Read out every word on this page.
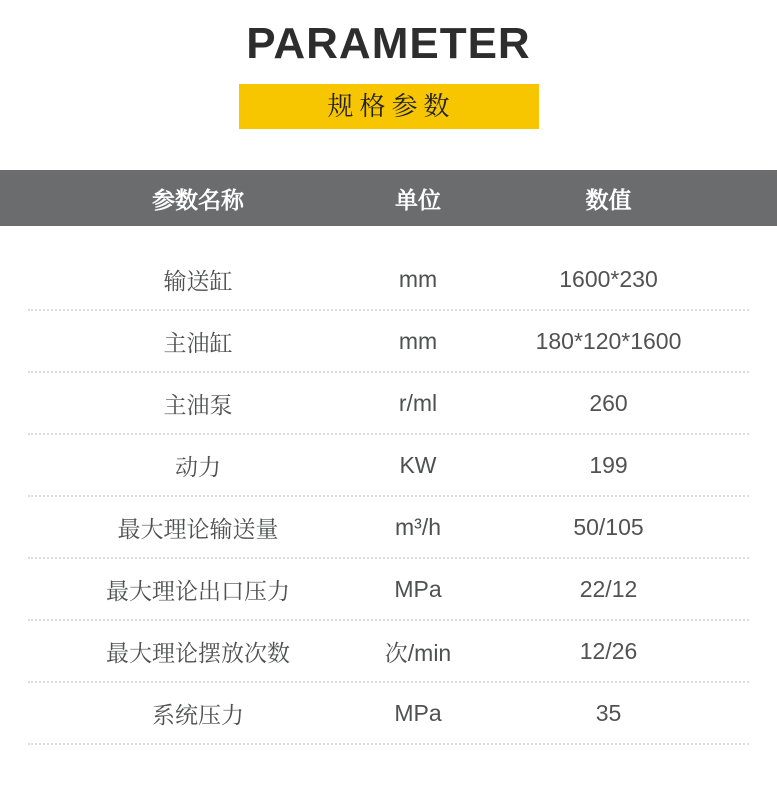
PARAMETER
规格参数
参数名称	单位	数值
输送缸	mm	1600*230
主油缸	mm	180*120*1600
主油泵	r/ml	260
动力	KW	199
最大理论输送量	m³/h	50/105
最大理论出口压力	MPa	22/12
最大理论摆放次数	次/min	12/26
系统压力	MPa	35
